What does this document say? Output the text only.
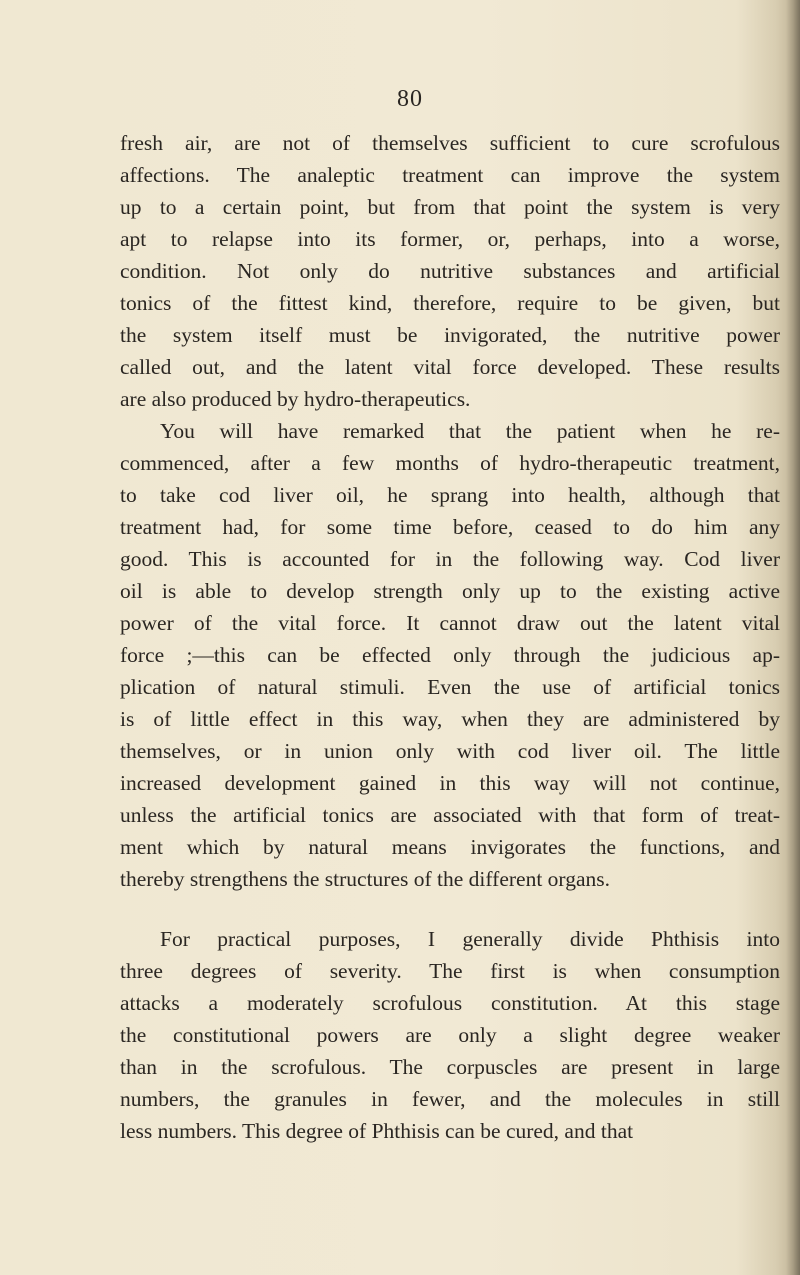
80
fresh air, are not of themselves sufficient to cure scrofulous
affections. The analeptic treatment can improve the system
up to a certain point, but from that point the system is very
apt to relapse into its former, or, perhaps, into a worse,
condition. Not only do nutritive substances and artificial
tonics of the fittest kind, therefore, require to be given, but
the system itself must be invigorated, the nutritive power
called out, and the latent vital force developed. These results
are also produced by hydro-therapeutics.
You will have remarked that the patient when he re-
commenced, after a few months of hydro-therapeutic treatment,
to take cod liver oil, he sprang into health, although that
treatment had, for some time before, ceased to do him any
good. This is accounted for in the following way. Cod liver
oil is able to develop strength only up to the existing active
power of the vital force. It cannot draw out the latent vital
force ;—this can be effected only through the judicious ap-
plication of natural stimuli. Even the use of artificial tonics
is of little effect in this way, when they are administered by
themselves, or in union only with cod liver oil. The little
increased development gained in this way will not continue,
unless the artificial tonics are associated with that form of treat-
ment which by natural means invigorates the functions, and
thereby strengthens the structures of the different organs.
For practical purposes, I generally divide Phthisis into
three degrees of severity. The first is when consumption
attacks a moderately scrofulous constitution. At this stage
the constitutional powers are only a slight degree weaker
than in the scrofulous. The corpuscles are present in large
numbers, the granules in fewer, and the molecules in still
less numbers. This degree of Phthisis can be cured, and that
